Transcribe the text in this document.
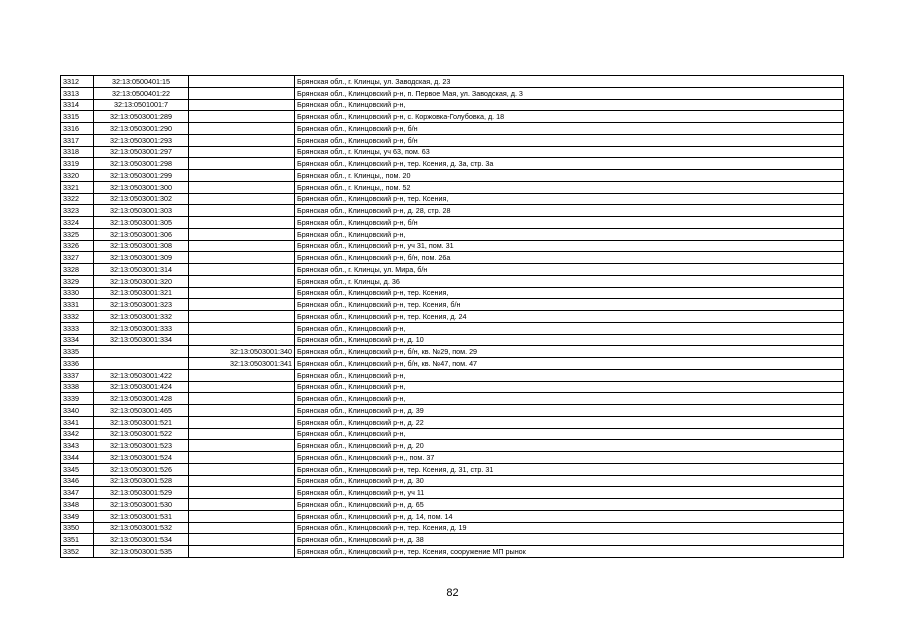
3312	32:13:0500401:15		Брянская обл., г. Клинцы, ул. Заводская, д. 23
3313	32:13:0500401:22		Брянская обл., Клинцовский р-н, п. Первое Мая, ул. Заводская, д. 3
3314	32:13:0501001:7		Брянская обл., Клинцовский р-н,
3315	32:13:0503001:289		Брянская обл., Клинцовский р-н, с. Коржовка-Голубовка, д. 18
3316	32:13:0503001:290		Брянская обл., Клинцовский р-н, б/н
3317	32:13:0503001:293		Брянская обл., Клинцовский р-н, б/н
3318	32:13:0503001:297		Брянская обл., г. Клинцы, уч 63, пом. 63
3319	32:13:0503001:298		Брянская обл., Клинцовский р-н, тер. Ксения, д. 3а, стр. 3а
3320	32:13:0503001:299		Брянская обл., г. Клинцы,, пом. 20
3321	32:13:0503001:300		Брянская обл., г. Клинцы,, пом. 52
3322	32:13:0503001:302		Брянская обл., Клинцовский р-н, тер. Ксения,
3323	32:13:0503001:303		Брянская обл., Клинцовский р-н, д. 28, стр. 28
3324	32:13:0503001:305		Брянская обл., Клинцовский р-н, б/н
3325	32:13:0503001:306		Брянская обл., Клинцовский р-н,
3326	32:13:0503001:308		Брянская обл., Клинцовский р-н, уч 31, пом. 31
3327	32:13:0503001:309		Брянская обл., Клинцовский р-н, б/н, пом. 26а
3328	32:13:0503001:314		Брянская обл., г. Клинцы, ул. Мира, б/н
3329	32:13:0503001:320		Брянская обл., г. Клинцы, д. 36
3330	32:13:0503001:321		Брянская обл., Клинцовский р-н, тер. Ксения,
3331	32:13:0503001:323		Брянская обл., Клинцовский р-н, тер. Ксения, б/н
3332	32:13:0503001:332		Брянская обл., Клинцовский р-н, тер. Ксения, д. 24
3333	32:13:0503001:333		Брянская обл., Клинцовский р-н,
3334	32:13:0503001:334		Брянская обл., Клинцовский р-н, д. 10
3335		32:13:0503001:340	Брянская обл., Клинцовский р-н, б/н, кв. №29, пом. 29
3336		32:13:0503001:341	Брянская обл., Клинцовский р-н, б/н, кв. №47, пом. 47
3337	32:13:0503001:422		Брянская обл., Клинцовский р-н,
3338	32:13:0503001:424		Брянская обл., Клинцовский р-н,
3339	32:13:0503001:428		Брянская обл., Клинцовский р-н,
3340	32:13:0503001:465		Брянская обл., Клинцовский р-н, д. 39
3341	32:13:0503001:521		Брянская обл., Клинцовский р-н, д. 22
3342	32:13:0503001:522		Брянская обл., Клинцовский р-н,
3343	32:13:0503001:523		Брянская обл., Клинцовский р-н, д. 20
3344	32:13:0503001:524		Брянская обл., Клинцовский р-н,, пом. 37
3345	32:13:0503001:526		Брянская обл., Клинцовский р-н, тер. Ксения, д. 31, стр. 31
3346	32:13:0503001:528		Брянская обл., Клинцовский р-н, д. 30
3347	32:13:0503001:529		Брянская обл., Клинцовский р-н, уч 11
3348	32:13:0503001:530		Брянская обл., Клинцовский р-н, д. 65
3349	32:13:0503001:531		Брянская обл., Клинцовский р-н, д. 14, пом. 14
3350	32:13:0503001:532		Брянская обл., Клинцовский р-н, тер. Ксения, д. 19
3351	32:13:0503001:534		Брянская обл., Клинцовский р-н, д. 38
3352	32:13:0503001:535		Брянская обл., Клинцовский р-н, тер. Ксения, сооружение МП рынок
82
